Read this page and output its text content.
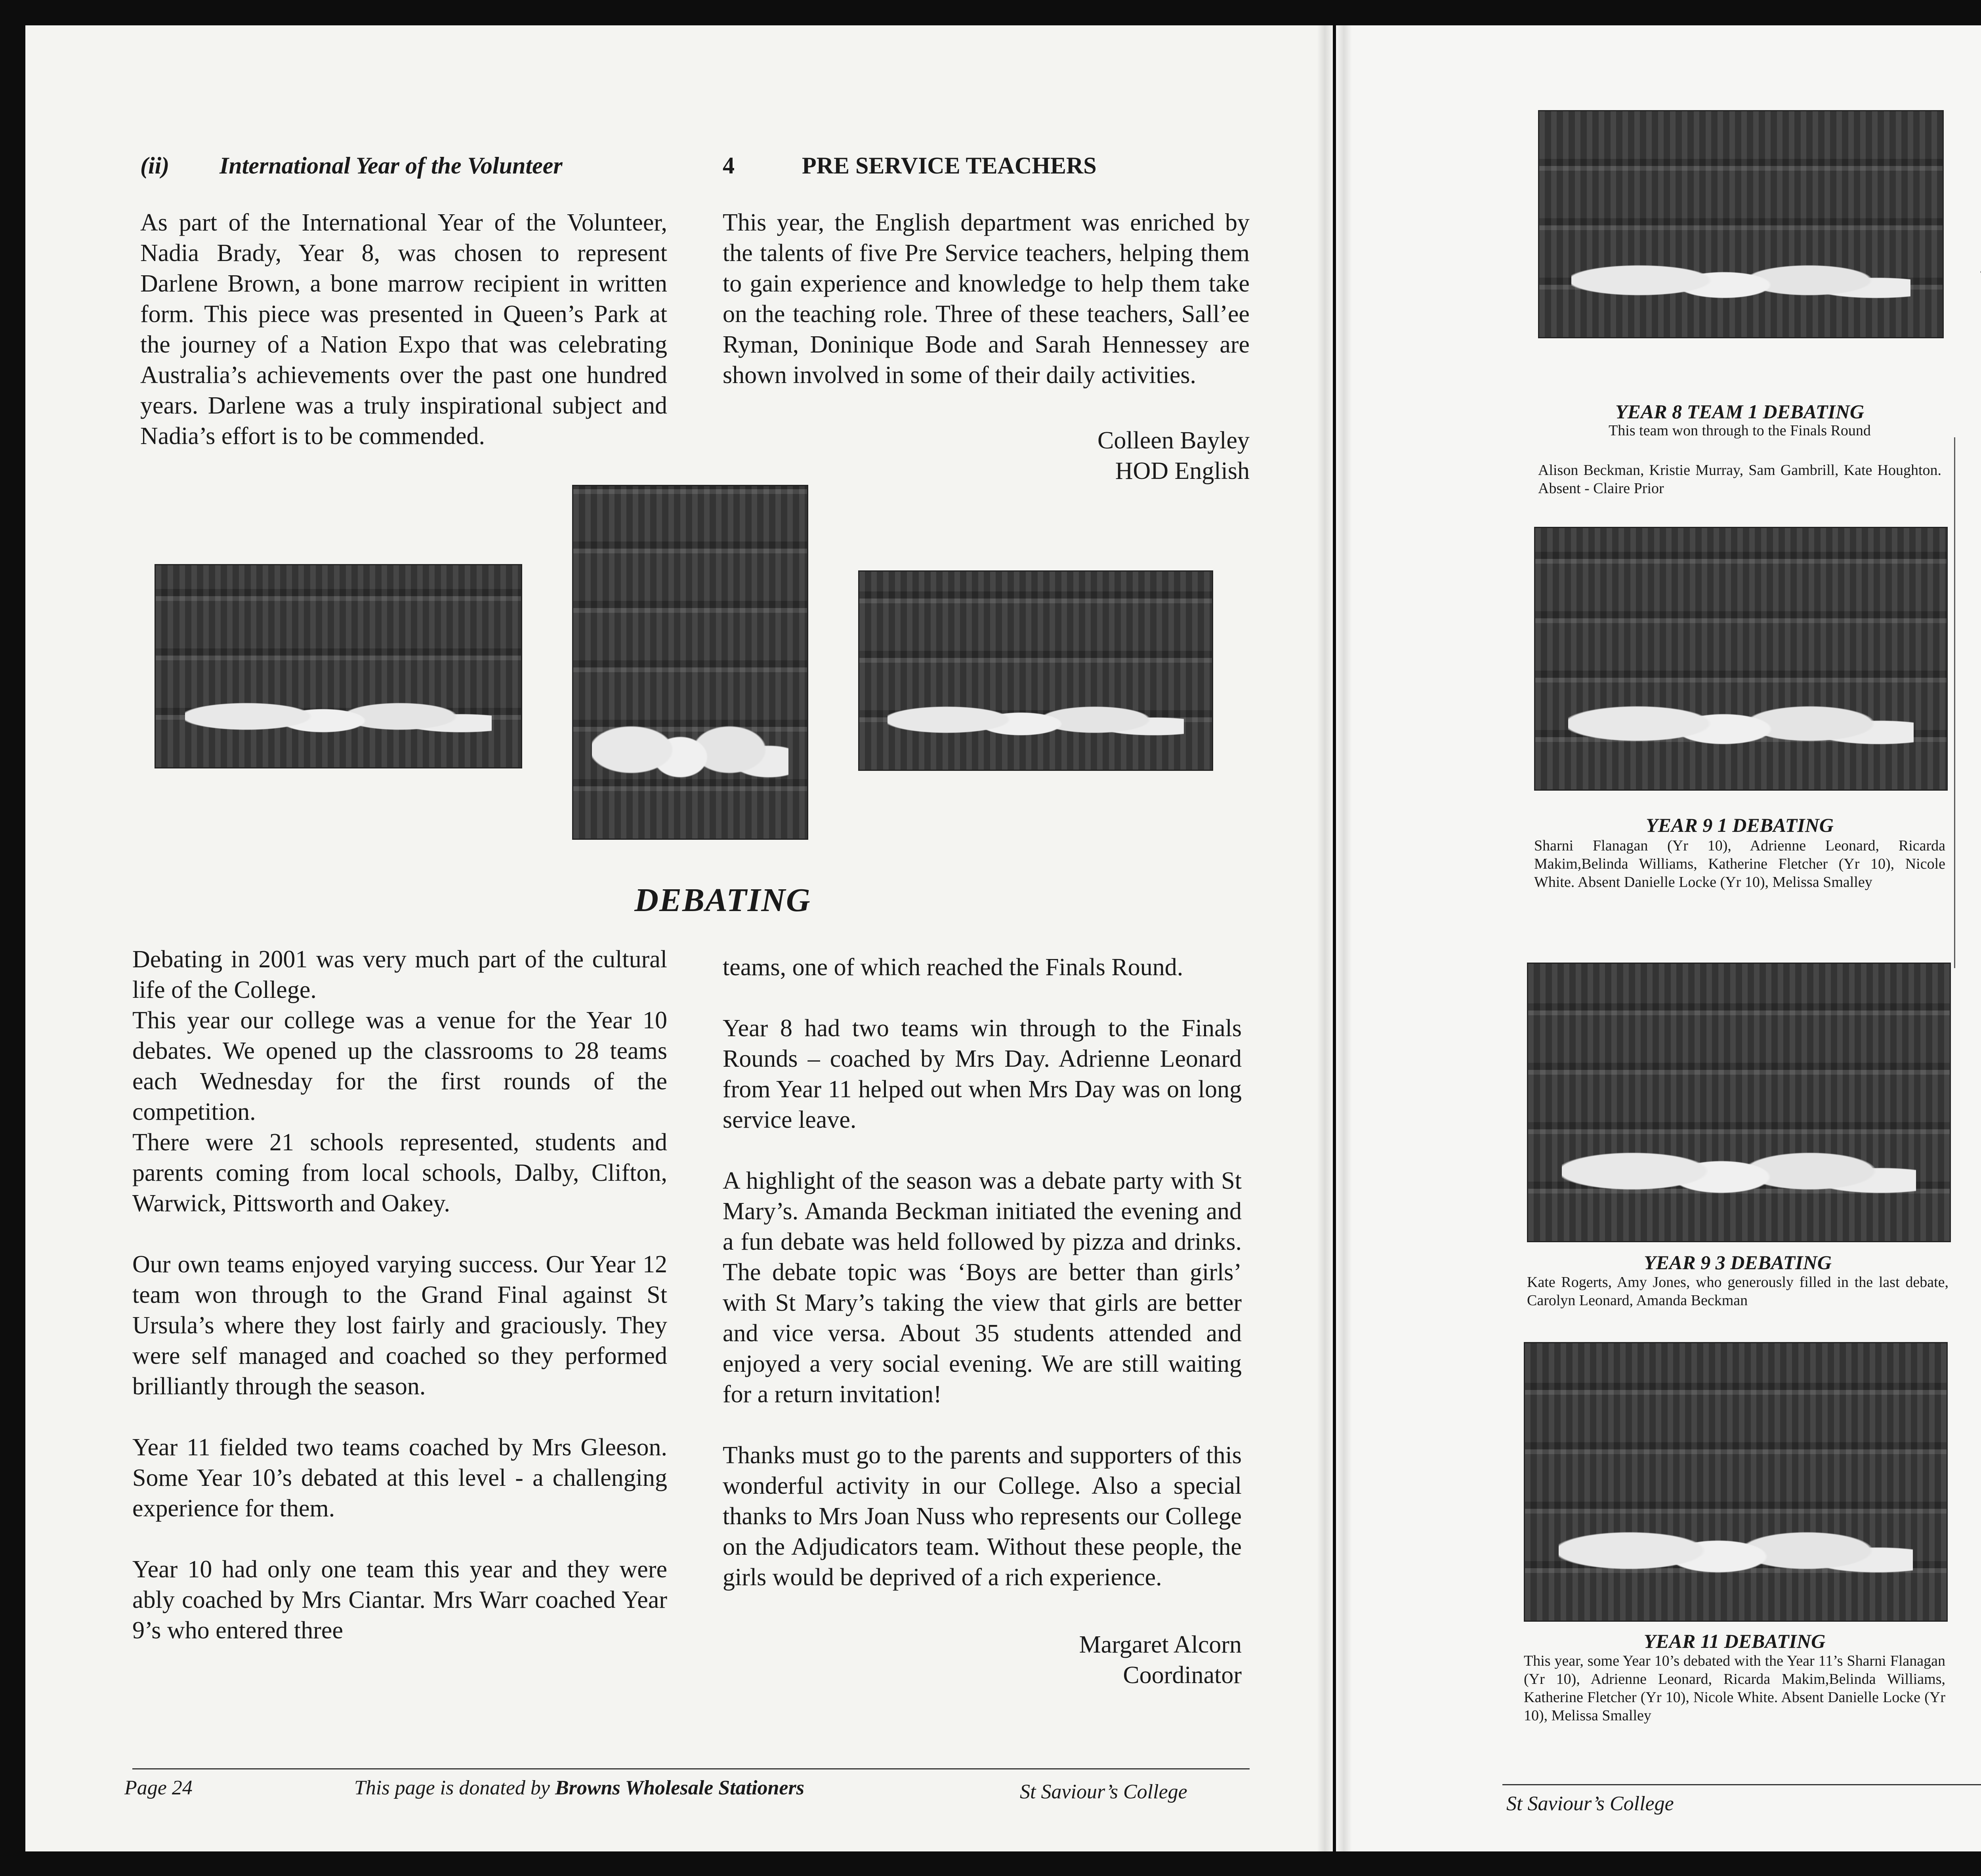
(ii) International Year of the Volunteer
As part of the International Year of the Volunteer, Nadia Brady, Year 8, was chosen to represent Darlene Brown, a bone marrow recipient in written form. This piece was presented in Queen’s Park at the journey of a Nation Expo that was celebrating Australia’s achievements over the past one hundred years. Darlene was a truly inspirational subject and Nadia’s effort is to be commended.
4	PRE SERVICE TEACHERS
This year, the English department was enriched by the talents of five Pre Service teachers, helping them to gain experience and knowledge to help them take on the teaching role. Three of these teachers, Sall’ee Ryman, Doninique Bode and Sarah Hennessey are shown involved in some of their daily activities.
Colleen Bayley
HOD English
DEBATING

Debating in 2001 was very much part of the cultural life of the College.

This year our college was a venue for the Year 10 debates. We opened up the classrooms to 28 teams each Wednesday for the first rounds of the competition.

There were 21 schools represented, students and parents coming from local schools, Dalby, Clifton, Warwick, Pittsworth and Oakey.

Our own teams enjoyed varying success. Our Year 12 team won through to the Grand Final against St Ursula’s where they lost fairly and graciously. They were self managed and coached so they performed brilliantly through the season.

Year 11 fielded two teams coached by Mrs Gleeson. Some Year 10’s debated at this level - a challenging experience for them.

Year 10 had only one team this year and they were ably coached by Mrs Ciantar. Mrs Warr coached Year 9’s who entered three

teams, one of which reached the Finals Round.

Year 8 had two teams win through to the Finals Rounds – coached by Mrs Day. Adrienne Leonard from Year 11 helped out when Mrs Day was on long service leave.

A highlight of the season was a debate party with St Mary’s. Amanda Beckman initiated the evening and a fun debate was held followed by pizza and drinks. The debate topic was ‘Boys are better than girls’ with St Mary’s taking the view that girls are better and vice versa. About 35 students attended and enjoyed a very social evening. We are still waiting for a return invitation!

Thanks must go to the parents and supporters of this wonderful activity in our College. Also a special thanks to Mrs Joan Nuss who represents our College on the Adjudicators team. Without these people, the girls would be deprived of a rich experience.

Margaret Alcorn
Coordinator
Page 24	This page is donated by Browns Wholesale Stationers	St Saviour’s College
YEAR 8 TEAM 1 DEBATING
This team won through to the Finals Round
Alison Beckman, Kristie Murray, Sam Gambrill, Kate Houghton. Absent - Claire Prior
YEAR 9 1 DEBATING
Sharni Flanagan (Yr 10), Adrienne Leonard, Ricarda Makim,Belinda Williams, Katherine Fletcher (Yr 10), Nicole White. Absent Danielle Locke (Yr 10), Melissa Smalley
YEAR 9 3 DEBATING
Kate Rogerts, Amy Jones, who generously filled in the last debate, Carolyn Leonard, Amanda Beckman
YEAR 11 DEBATING
This year, some Year 10’s debated with the Year 11’s Sharni Flanagan (Yr 10), Adrienne Leonard, Ricarda Makim,Belinda Williams, Katherine Fletcher (Yr 10), Nicole White. Absent Danielle Locke (Yr 10), Melissa Smalley
St Saviour’s College
